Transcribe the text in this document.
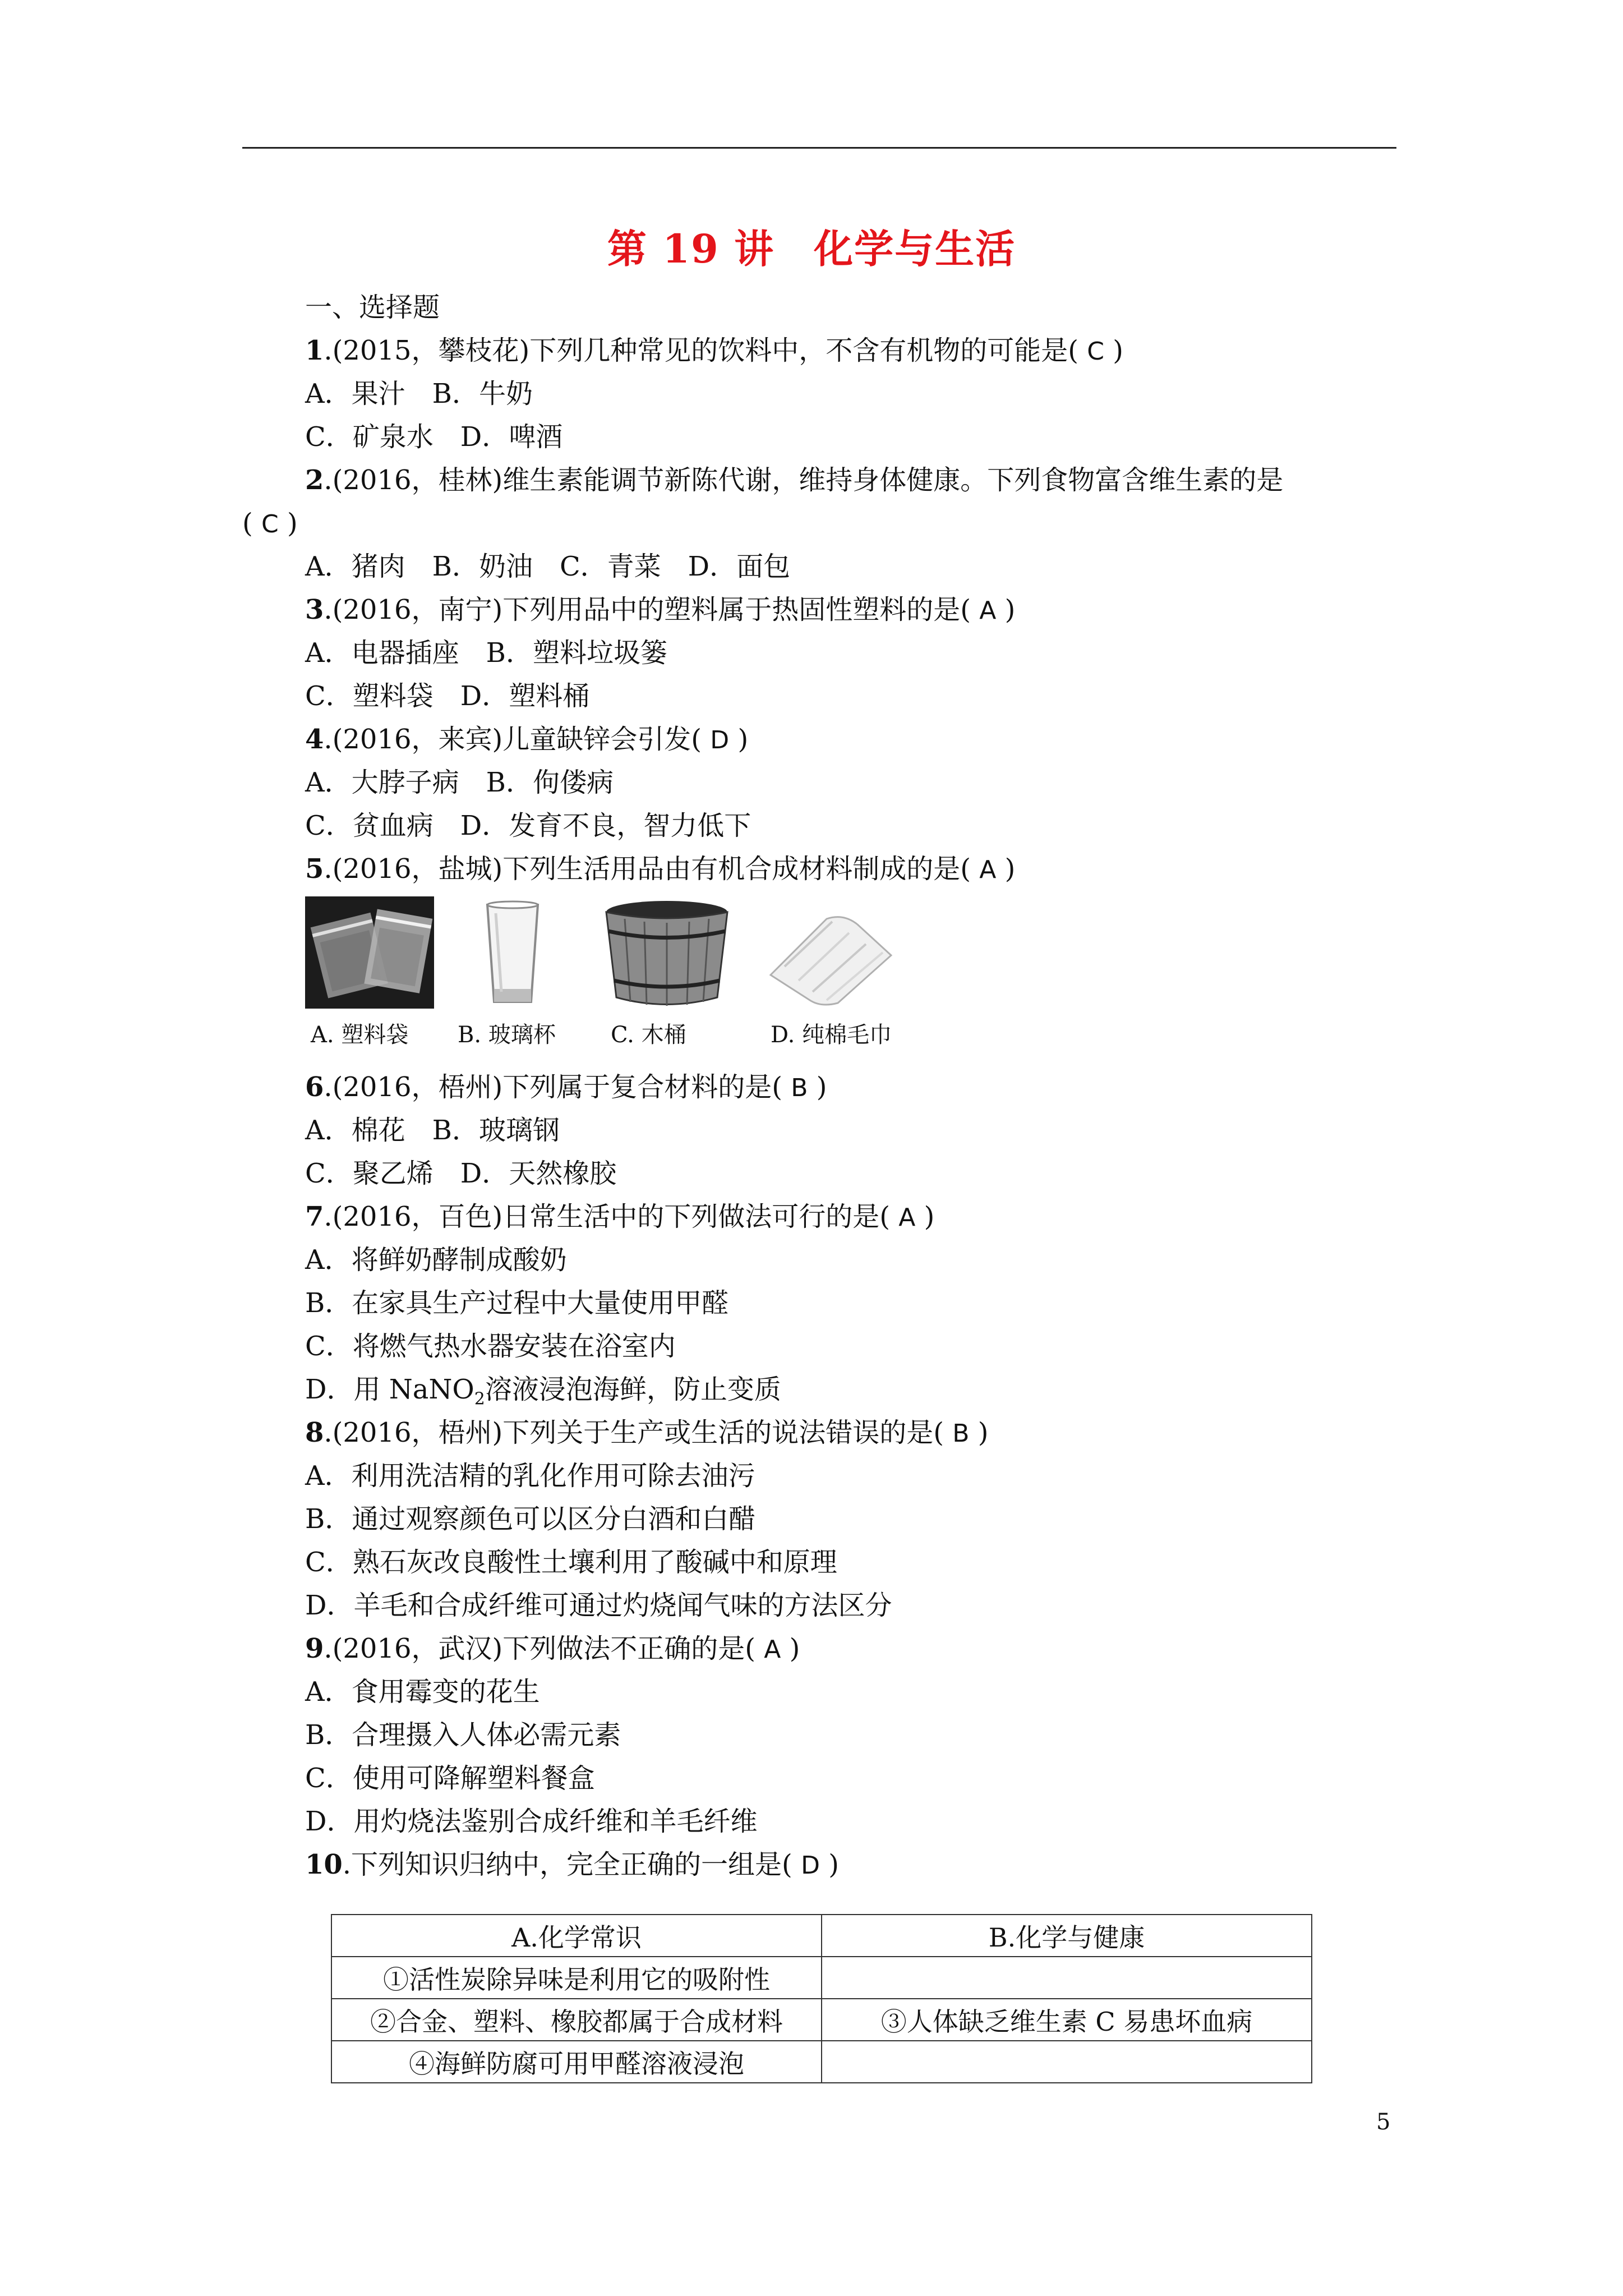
第 19 讲 化学与生活
一、选择题
1.(2015，攀枝花)下列几种常见的饮料中，不含有机物的可能是( C )
A．果汁　B．牛奶
C．矿泉水　D．啤酒
2.(2016，桂林)维生素能调节新陈代谢，维持身体健康。下列食物富含维生素的是
( C )
A．猪肉　B．奶油　C．青菜　D．面包
3.(2016，南宁)下列用品中的塑料属于热固性塑料的是( A )
A．电器插座　B．塑料垃圾篓
C．塑料袋　D．塑料桶
4.(2016，来宾)儿童缺锌会引发( D )
A．大脖子病　B．佝偻病
C．贫血病　D．发育不良，智力低下
5.(2016，盐城)下列生活用品由有机合成材料制成的是( A )
A. 塑料袋 B. 玻璃杯 C. 木桶	D. 纯棉毛巾
6.(2016，梧州)下列属于复合材料的是( B )
A．棉花　B．玻璃钢
C．聚乙烯　D．天然橡胶
7.(2016，百色)日常生活中的下列做法可行的是( A )
A．将鲜奶酵制成酸奶
B．在家具生产过程中大量使用甲醛
C．将燃气热水器安装在浴室内
D．用 NaNO$_2$溶液浸泡海鲜，防止变质
8.(2016，梧州)下列关于生产或生活的说法错误的是( B )
A．利用洗洁精的乳化作用可除去油污
B．通过观察颜色可以区分白酒和白醋
C．熟石灰改良酸性土壤利用了酸碱中和原理
D．羊毛和合成纤维可通过灼烧闻气味的方法区分
9.(2016，武汉)下列做法不正确的是( A )
A．食用霉变的花生
B．合理摄入人体必需元素
C．使用可降解塑料餐盒
D．用灼烧法鉴别合成纤维和羊毛纤维
10.下列知识归纳中，完全正确的一组是( D )
A.化学常识	B.化学与健康
①活性炭除异味是利用它的吸附性	
②合金、塑料、橡胶都属于合成材料	③人体缺乏维生素 C 易患坏血病
④海鲜防腐可用甲醛溶液浸泡	
5
